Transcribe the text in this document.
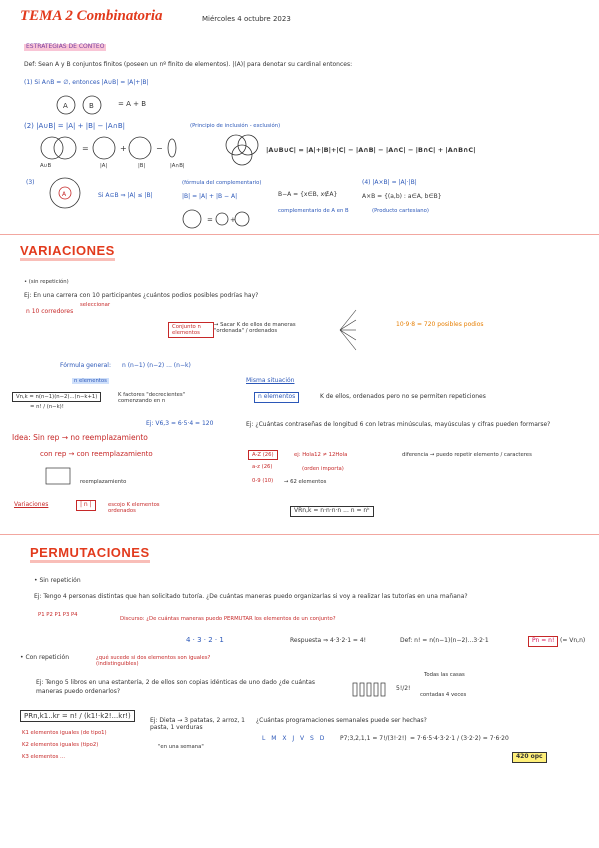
TEMA 2 Combinatoria	Miércoles 4 octubre 2023
ESTRATEGIAS DE CONTEO
Def: Sean A y B conjuntos finitos (poseen un nº finito de elementos). |(A)| para denotar su cardinal entonces:
(1) Si A∩B = ∅, entonces |A∪B| = |A|+|B|
A	B	= A + B
(2) |A∪B| = |A| + |B| − |A∩B|	(Principio de inclusión - exclusión)
=	+	−
A∪B	|A|	|B|	|A∩B|
|A∪B∪C| = |A|+|B|+|C| − |A∩B| − |A∩C| − |B∩C| + |A∩B∩C|
(3)
A	Si A⊆B ⇒ |A| ≤ |B|
(fórmula del complementario)
|B| = |A| + |B − A|	B−A = {x∈B, x∉A}
complementario de A en B
= +
(4) |A×B| = |A|·|B|
A×B = {(a,b) : a∈A, b∈B}
(Producto cartesiano)
VARIACIONES
• (sin repetición)
Ej: En una carrera con 10 participantes ¿cuántos podios posibles podrías hay?
n 10 corredores
seleccionar
Conjunto n elementos
→ Sacar K de ellos de maneras "ordenada" / ordenados
10·9·8 = 720 posibles podios
Fórmula general: n (n−1) (n−2) ... (n−k)
n elementos
K factores "decrecientes" comenzando en n
Vn,k = n(n−1)(n−2)...(n−k+1)
= n! / (n−k)!
Misma situación
n elementos	K de ellos, ordenados pero no se permiten repeticiones
Ej: V6,3 = 6·5·4 = 120
Idea: Sin rep → no reemplazamiento
con rep → con reemplazamiento
Ej: ¿Cuántas contraseñas de longitud 6 con letras minúsculas, mayúsculas y cifras pueden formarse?
A-Z (26)
a-z (26)
0-9 (10)
ej: Hola12 ≠ 12Hola
(orden importa)
→ 62 elementos
diferencia → puedo repetir elemento / caracteres
reemplazamiento
Variaciones	| n |	escojo K elementos ordenados	VRn,k = n·n·n·n ... n = nᵏ
PERMUTACIONES
• Sin repetición
Ej: Tengo 4 personas distintas que han solicitado tutoría. ¿De cuántas maneras puedo organizarlas si voy a realizar las tutorías en una mañana?
P1 P2 P1 P3 P4
Discurso: ¿De cuántas maneras puedo PERMUTAR los elementos de un conjunto?
4 · 3 · 2 · 1	Respuesta ⇒ 4·3·2·1 = 4!	Def: n! = n(n−1)(n−2)...3·2·1	Pn = n! (= Vn,n)
• Con repetición	¿qué sucede si dos elementos son iguales? (indistinguibles)
Ej: Tengo 5 libros en una estantería, 2 de ellos son copias idénticas de uno dado ¿de cuántas maneras puedo ordenarlos?	5!/2!
Todas las casas
contadas 4 veces
PRn,k1..kr = n! / (k1!·k2!...kr!)
K1 elementos iguales (de tipo1)
K2 elementos iguales (tipo2)
K3 elementos ...
Ej: Dieta → 3 patatas, 2 arroz, 1 pasta, 1 verduras
"en una semana"
¿Cuántas programaciones semanales puede ser hechas?
L M X J V S D P7;3,2,1,1 = 7!/(3!·2!) = 7·6·5·4·3·2·1 / (3·2·2) = 7·6·20
420 opc
